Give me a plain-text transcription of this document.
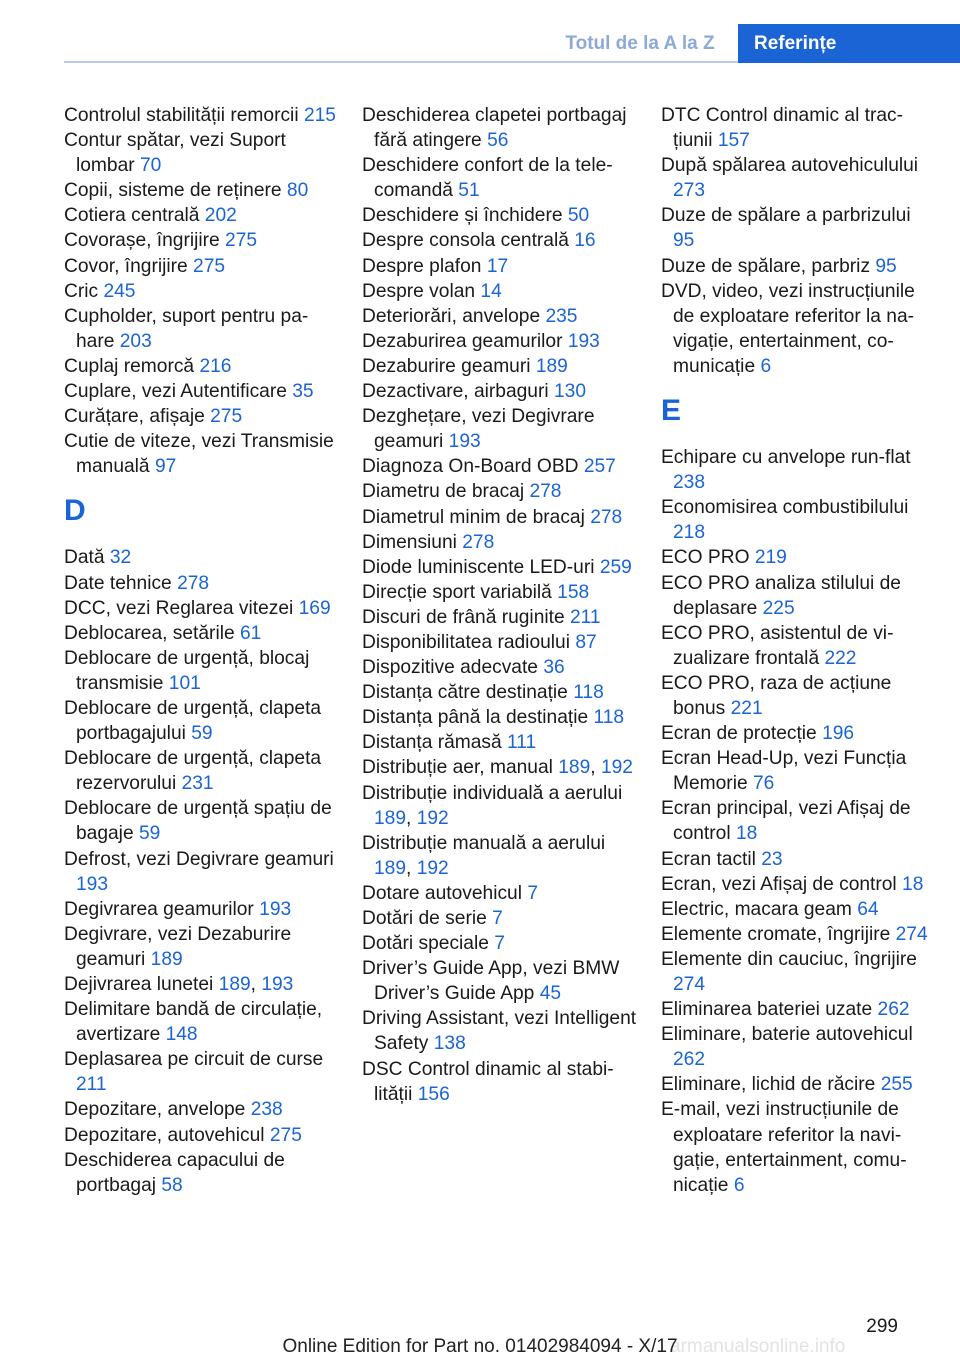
Totul de la A la Z	Referințe
Controlul stabilității remorcii 215
Contur spătar, vezi Suport lombar 70
Copii, sisteme de reținere 80
Cotiera centrală 202
Covorașe, îngrijire 275
Covor, îngrijire 275
Cric 245
Cupholder, suport pentru pahare 203
Cuplaj remorcă 216
Cuplare, vezi Autentificare 35
Curățare, afișaje 275
Cutie de viteze, vezi Transmisie manuală 97
D
Dată 32
Date tehnice 278
DCC, vezi Reglarea vitezei 169
Deblocarea, setările 61
Deblocare de urgență, blocaj transmisie 101
Deblocare de urgență, clapeta portbagajului 59
Deblocare de urgență, clapeta rezervorului 231
Deblocare de urgență spațiu de bagaje 59
Defrost, vezi Degivrare geamuri 193
Degivrarea geamurilor 193
Degivrare, vezi Dezaburire geamuri 189
Dejivrarea lunetei 189, 193
Delimitare bandă de circulație, avertizare 148
Deplasarea pe circuit de curse 211
Depozitare, anvelope 238
Depozitare, autovehicul 275
Deschiderea capacului de portbagaj 58
Deschiderea clapetei portbagaj fără atingere 56
Deschidere confort de la telecomandă 51
Deschidere și închidere 50
Despre consola centrală 16
Despre plafon 17
Despre volan 14
Deteriorări, anvelope 235
Dezaburirea geamurilor 193
Dezaburire geamuri 189
Dezactivare, airbaguri 130
Dezghețare, vezi Degivrare geamuri 193
Diagnoza On-Board OBD 257
Diametru de bracaj 278
Diametrul minim de bracaj 278
Dimensiuni 278
Diode luminiscente LED-uri 259
Direcție sport variabilă 158
Discuri de frână ruginite 211
Disponibilitatea radioului 87
Dispozitive adecvate 36
Distanța către destinație 118
Distanța până la destinație 118
Distanța rămasă 111
Distribuție aer, manual 189, 192
Distribuție individuală a aerului 189, 192
Distribuție manuală a aerului 189, 192
Dotare autovehicul 7
Dotări de serie 7
Dotări speciale 7
Driver’s Guide App, vezi BMW Driver’s Guide App 45
Driving Assistant, vezi Intelligent Safety 138
DSC Control dinamic al stabilității 156
DTC Control dinamic al tracțiunii 157
După spălarea autovehiculului 273
Duze de spălare a parbrizului 95
Duze de spălare, parbriz 95
DVD, video, vezi instrucțiunile de exploatare referitor la navigație, entertainment, comunicație 6
E
Echipare cu anvelope run-flat 238
Economisirea combustibilului 218
ECO PRO 219
ECO PRO analiza stilului de deplasare 225
ECO PRO, asistentul de vizualizare frontală 222
ECO PRO, raza de acțiune bonus 221
Ecran de protecție 196
Ecran Head-Up, vezi Funcția Memorie 76
Ecran principal, vezi Afișaj de control 18
Ecran tactil 23
Ecran, vezi Afișaj de control 18
Electric, macara geam 64
Elemente cromate, îngrijire 274
Elemente din cauciuc, îngrijire 274
Eliminarea bateriei uzate 262
Eliminare, baterie autovehicul 262
Eliminare, lichid de răcire 255
E-mail, vezi instrucțiunile de exploatare referitor la navigație, entertainment, comunicație 6
299
armanualsonline.info
Online Edition for Part no. 01402984094 - X/17
